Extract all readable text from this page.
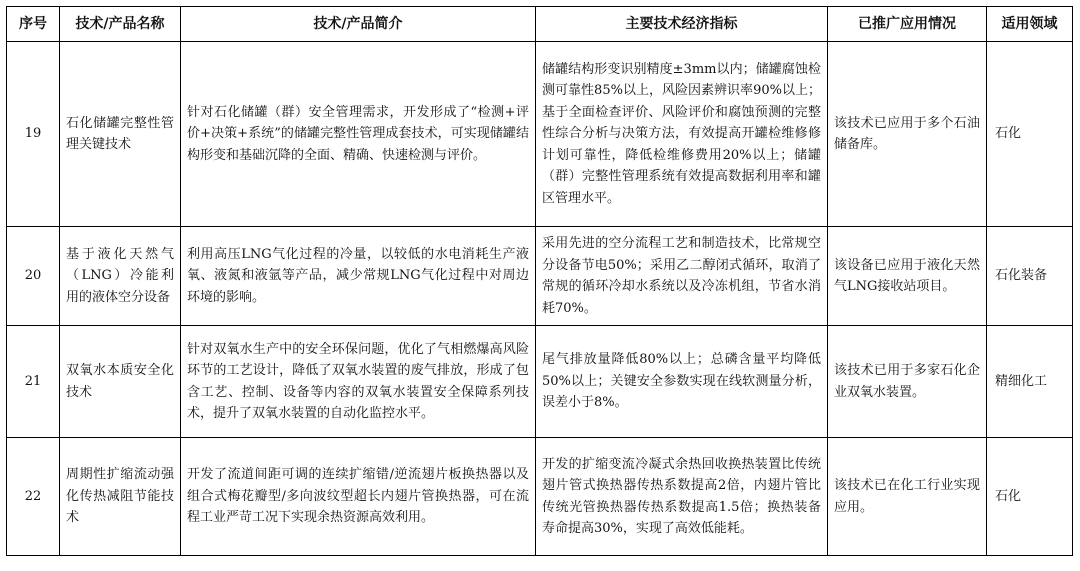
序号	技术/产品名称	技术/产品简介	主要技术经济指标	已推广应用情况	适用领域
19	石化储罐完整性管理关键技术	针对石化储罐（群）安全管理需求，开发形成了“检测+评价+决策+系统”的储罐完整性管理成套技术，可实现储罐结构形变和基础沉降的全面、精确、快速检测与评价。	储罐结构形变识别精度±3mm以内；储罐腐蚀检测可靠性85%以上，风险因素辨识率90%以上；基于全面检查评价、风险评价和腐蚀预测的完整性综合分析与决策方法，有效提高开罐检维修修计划可靠性，降低检维修费用20%以上；储罐（群）完整性管理系统有效提高数据利用率和罐区管理水平。	该技术已应用于多个石油储备库。	石化
20	基于液化天然气（LNG）冷能利用的液体空分设备	利用高压LNG气化过程的冷量，以较低的水电消耗生产液氧、液氮和液氩等产品，减少常规LNG气化过程中对周边环境的影响。	采用先进的空分流程工艺和制造技术，比常规空分设备节电50%；采用乙二醇闭式循环，取消了常规的循环冷却水系统以及冷冻机组，节省水消耗70%。	该设备已应用于液化天然气LNG接收站项目。	石化装备
21	双氧水本质安全化技术	针对双氧水生产中的安全环保问题，优化了气相燃爆高风险环节的工艺设计，降低了双氧水装置的废气排放，形成了包含工艺、控制、设备等内容的双氧水装置安全保障系列技术，提升了双氧水装置的自动化监控水平。	尾气排放量降低80%以上；总磷含量平均降低50%以上；关键安全参数实现在线软测量分析，误差小于8%。	该技术已用于多家石化企业双氧水装置。	精细化工
22	周期性扩缩流动强化传热减阻节能技术	开发了流道间距可调的连续扩缩错/逆流翅片板换热器以及组合式梅花瓣型/多向波纹型超长内翅片管换热器，可在流程工业严苛工况下实现余热资源高效利用。	开发的扩缩变流冷凝式余热回收换热装置比传统翅片管式换热器传热系数提高2倍，内翅片管比传统光管换热器传热系数提高1.5倍；换热装备寿命提高30%，实现了高效低能耗。	该技术已在化工行业实现应用。	石化
